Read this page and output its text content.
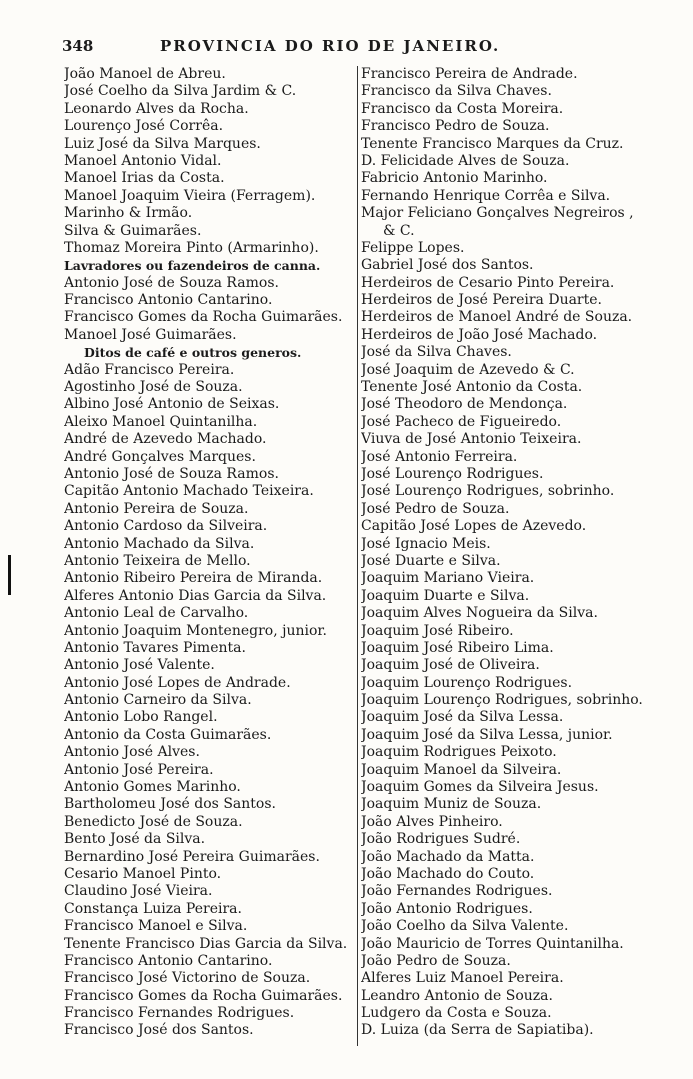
348	PROVINCIA DO RIO DE JANEIRO.
João Manoel de Abreu.
José Coelho da Silva Jardim & C.
Leonardo Alves da Rocha.
Lourenço José Corrêa.
Luiz José da Silva Marques.
Manoel Antonio Vidal.
Manoel Irias da Costa.
Manoel Joaquim Vieira (Ferragem).
Marinho & Irmão.
Silva & Guimarães.
Thomaz Moreira Pinto (Armarinho).
Lavradores ou fazendeiros de canna.
Antonio José de Souza Ramos.
Francisco Antonio Cantarino.
Francisco Gomes da Rocha Guimarães.
Manoel José Guimarães.
Ditos de café e outros generos.
Adão Francisco Pereira.
Agostinho José de Souza.
Albino José Antonio de Seixas.
Aleixo Manoel Quintanilha.
André de Azevedo Machado.
André Gonçalves Marques.
Antonio José de Souza Ramos.
Capitão Antonio Machado Teixeira.
Antonio Pereira de Souza.
Antonio Cardoso da Silveira.
Antonio Machado da Silva.
Antonio Teixeira de Mello.
Antonio Ribeiro Pereira de Miranda.
Alferes Antonio Dias Garcia da Silva.
Antonio Leal de Carvalho.
Antonio Joaquim Montenegro, junior.
Antonio Tavares Pimenta.
Antonio José Valente.
Antonio José Lopes de Andrade.
Antonio Carneiro da Silva.
Antonio Lobo Rangel.
Antonio da Costa Guimarães.
Antonio José Alves.
Antonio José Pereira.
Antonio Gomes Marinho.
Bartholomeu José dos Santos.
Benedicto José de Souza.
Bento José da Silva.
Bernardino José Pereira Guimarães.
Cesario Manoel Pinto.
Claudino José Vieira.
Constança Luiza Pereira.
Francisco Manoel e Silva.
Tenente Francisco Dias Garcia da Silva.
Francisco Antonio Cantarino.
Francisco José Victorino de Souza.
Francisco Gomes da Rocha Guimarães.
Francisco Fernandes Rodrigues.
Francisco José dos Santos.
Francisco Pereira de Andrade.
Francisco da Silva Chaves.
Francisco da Costa Moreira.
Francisco Pedro de Souza.
Tenente Francisco Marques da Cruz.
D. Felicidade Alves de Souza.
Fabricio Antonio Marinho.
Fernando Henrique Corrêa e Silva.
Major Feliciano Gonçalves Negreiros ,
& C.
Felippe Lopes.
Gabriel José dos Santos.
Herdeiros de Cesario Pinto Pereira.
Herdeiros de José Pereira Duarte.
Herdeiros de Manoel André de Souza.
Herdeiros de João José Machado.
José da Silva Chaves.
José Joaquim de Azevedo & C.
Tenente José Antonio da Costa.
José Theodoro de Mendonça.
José Pacheco de Figueiredo.
Viuva de José Antonio Teixeira.
José Antonio Ferreira.
José Lourenço Rodrigues.
José Lourenço Rodrigues, sobrinho.
José Pedro de Souza.
Capitão José Lopes de Azevedo.
José Ignacio Meis.
José Duarte e Silva.
Joaquim Mariano Vieira.
Joaquim Duarte e Silva.
Joaquim Alves Nogueira da Silva.
Joaquim José Ribeiro.
Joaquim José Ribeiro Lima.
Joaquim José de Oliveira.
Joaquim Lourenço Rodrigues.
Joaquim Lourenço Rodrigues, sobrinho.
Joaquim José da Silva Lessa.
Joaquim José da Silva Lessa, junior.
Joaquim Rodrigues Peixoto.
Joaquim Manoel da Silveira.
Joaquim Gomes da Silveira Jesus.
Joaquim Muniz de Souza.
João Alves Pinheiro.
João Rodrigues Sudré.
João Machado da Matta.
João Machado do Couto.
João Fernandes Rodrigues.
João Antonio Rodrigues.
João Coelho da Silva Valente.
João Mauricio de Torres Quintanilha.
João Pedro de Souza.
Alferes Luiz Manoel Pereira.
Leandro Antonio de Souza.
Ludgero da Costa e Souza.
D. Luiza (da Serra de Sapiatiba).
